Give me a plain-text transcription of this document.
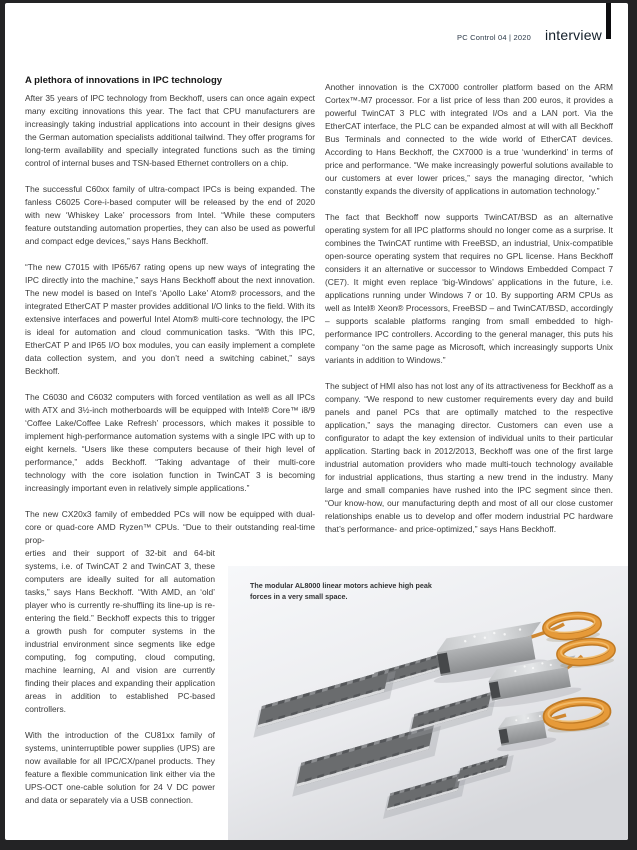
PC Control 04 | 2020 interview
A plethora of innovations in IPC technology

After 35 years of IPC technology from Beckhoff, users can once again expect many exciting innovations this year. The fact that CPU manufacturers are increasingly taking industrial applications into account in their designs gives the German automation specialists additional tailwind. They offer programs for long-term availability and specially integrated functions such as the timing control of internal buses and TSN-based Ethernet controllers on a chip.

The successful C60xx family of ultra-compact IPCs is being expanded. The fanless C6025 Core-i-based computer will be released by the end of 2020 with new ‘Whiskey Lake’ processors from Intel. “While these computers feature outstanding automation properties, they can also be used as powerful and compact edge devices,” says Hans Beckhoff.

“The new C7015 with IP65/67 rating opens up new ways of integrating the IPC directly into the machine,” says Hans Beckhoff about the next innovation. The new model is based on Intel’s ‘Apollo Lake’ Atom® processors, and the integrated EtherCAT P master provides additional I/O links to the field. With its extensive interfaces and powerful Intel Atom® multi-core technology, the IPC is ideal for automation and cloud communication tasks. “With this IPC, EtherCAT P and IP65 I/O box modules, you can easily implement a complete data collection system, and you don’t need a switching cabinet,” says Beckhoff.

The C6030 and C6032 computers with forced ventilation as well as all IPCs with ATX and 3½-inch motherboards will be equipped with Intel® Core™ i8/9 ‘Coffee Lake/Coffee Lake Refresh’ processors, which makes it possible to implement high-performance automation systems with a single IPC with up to eight kernels. “Users like these computers because of their high level of performance,” adds Beckhoff. “Taking advantage of their multi-core technology with the core isolation function in TwinCAT 3 is becoming increasingly important even in relatively simple applications.”

The new CX20x3 family of embedded PCs will now be equipped with dual-core or quad-core AMD Ryzen™ CPUs. “Due to their outstanding real-time prop-

erties and their support of 32-bit and 64-bit systems, i.e. of TwinCAT 2 and TwinCAT 3, these computers are ideally suited for all automation tasks,” says Hans Beckhoff. “With AMD, an ‘old’ player who is currently re-shuffling its line-up is re-entering the field.” Beckhoff expects this to trigger a growth push for computer systems in the industrial environment since segments like edge computing, fog computing, cloud computing, machine learning, AI and vision are currently finding their places and expanding their application areas in addition to established PC-based controllers.

With the introduction of the CU81xx family of systems, uninterruptible power supplies (UPS) are now available for all IPC/CX/panel products. They feature a flexible communication link either via the UPS-OCT one-cable solution for 24 V DC power and data or separately via a USB connection.

Another innovation is the CX7000 controller platform based on the ARM Cortex™-M7 processor. For a list price of less than 200 euros, it provides a powerful TwinCAT 3 PLC with integrated I/Os and a LAN port. Via the EtherCAT interface, the PLC can be expanded almost at will with all Beckhoff Bus Terminals and connected to the wide world of EtherCAT devices. According to Hans Beckhoff, the CX7000 is a true ‘wunderkind’ in terms of price and performance. “We make increasingly powerful solutions available to our customers at ever lower prices,” says the managing director, “which constantly expands the diversity of applications in automation technology.”

The fact that Beckhoff now supports TwinCAT/BSD as an alternative operating system for all IPC platforms should no longer come as a surprise. It combines the TwinCAT runtime with FreeBSD, an industrial, Unix-compatible open-source operating system that requires no GPL license. Hans Beckhoff considers it an alternative or successor to Windows Embedded Compact 7 (CE7). It might even replace ‘big-Windows’ applications in the future, i.e. applications running under Windows 7 or 10. By supporting ARM CPUs as well as Intel® Xeon® Processors, FreeBSD – and TwinCAT/BSD, accordingly – supports scalable platforms ranging from small embedded to high-performance IPC controllers. According to the general manager, this puts his company “on the same page as Microsoft, which increasingly supports Unix variants in addition to Windows.”

The subject of HMI also has not lost any of its attractiveness for Beckhoff as a company. “We respond to new customer requirements every day and build panels and panel PCs that are optimally matched to the respective application,” says the managing director. Customers can even use a configurator to adapt the key extension of individual units to their particular application. Starting back in 2012/2013, Beckhoff was one of the first large industrial automation providers who made multi-touch technology available for industrial applications, thus starting a new trend in the industry. Many large and small companies have rushed into the IPC segment since then. “Our know-how, our manufacturing depth and most of all our close customer relationships enable us to develop and offer modern industrial PC hardware that’s performance- and price-optimized,” says Hans Beckhoff.

The modular AL8000 linear motors achieve high peak forces in a very small space.
